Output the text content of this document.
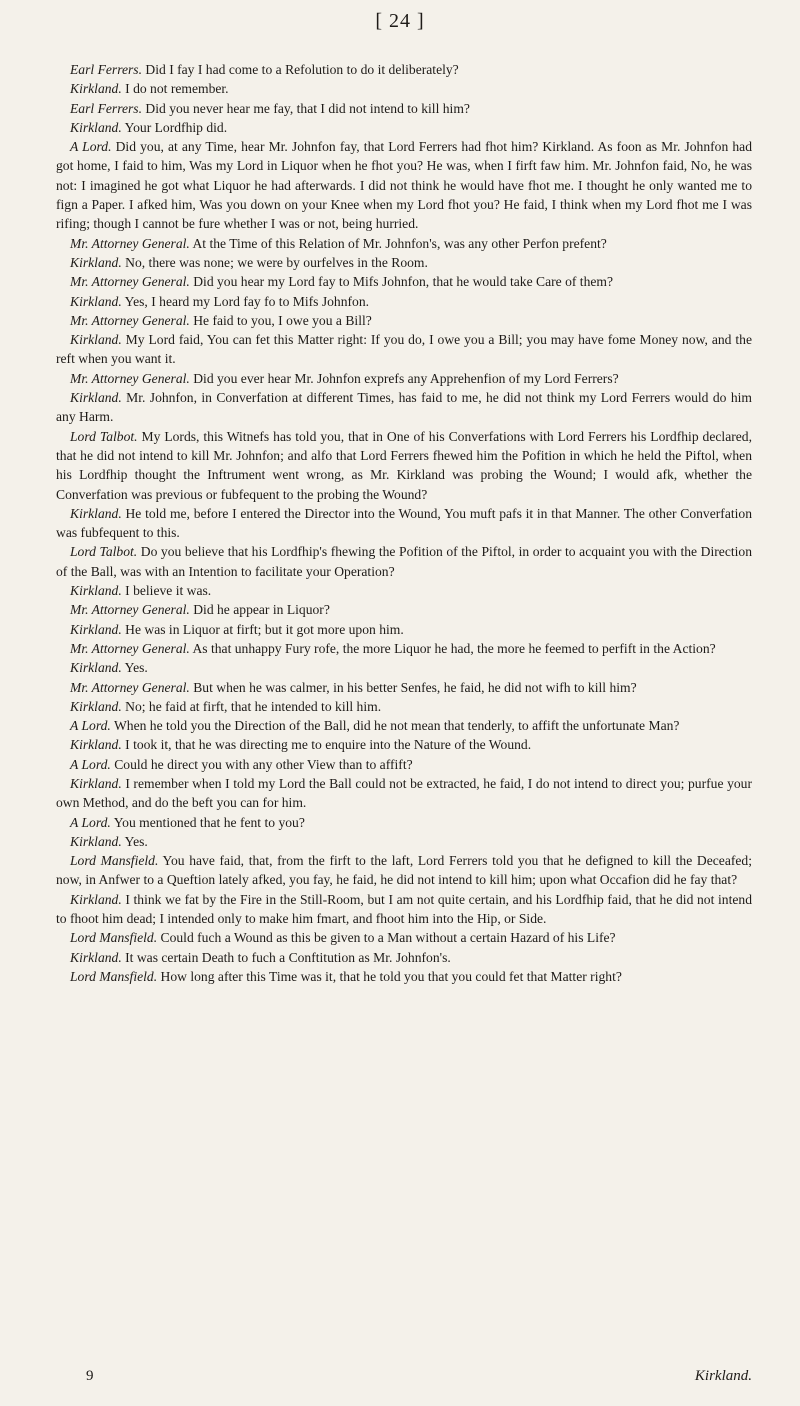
[ 24 ]

Earl Ferrers. Did I fay I had come to a Refolution to do it deliberately?

Kirkland. I do not remember.

Earl Ferrers. Did you never hear me fay, that I did not intend to kill him?

Kirkland. Your Lordfhip did.

A Lord. Did you, at any Time, hear Mr. Johnfon fay, that Lord Ferrers had fhot him? Kirkland. As foon as Mr. Johnfon had got home, I faid to him, Was my Lord in Liquor when he fhot you? He was, when I firft faw him. Mr. Johnfon faid, No, he was not: I imagined he got what Liquor he had afterwards. I did not think he would have fhot me. I thought he only wanted me to fign a Paper. I afked him, Was you down on your Knee when my Lord fhot you? He faid, I think when my Lord fhot me I was rifing; though I cannot be fure whether I was or not, being hurried.

Mr. Attorney General. At the Time of this Relation of Mr. Johnfon's, was any other Perfon prefent?

Kirkland. No, there was none; we were by ourfelves in the Room.

Mr. Attorney General. Did you hear my Lord fay to Mifs Johnfon, that he would take Care of them?

Kirkland. Yes, I heard my Lord fay fo to Mifs Johnfon.

Mr. Attorney General. He faid to you, I owe you a Bill?

Kirkland. My Lord faid, You can fet this Matter right: If you do, I owe you a Bill; you may have fome Money now, and the reft when you want it.

Mr. Attorney General. Did you ever hear Mr. Johnfon exprefs any Apprehenfion of my Lord Ferrers?

Kirkland. Mr. Johnfon, in Converfation at different Times, has faid to me, he did not think my Lord Ferrers would do him any Harm.

Lord Talbot. My Lords, this Witnefs has told you, that in One of his Converfations with Lord Ferrers his Lordfhip declared, that he did not intend to kill Mr. Johnfon; and alfo that Lord Ferrers fhewed him the Pofition in which he held the Piftol, when his Lordfhip thought the Inftrument went wrong, as Mr. Kirkland was probing the Wound; I would afk, whether the Converfation was previous or fubfequent to the probing the Wound?

Kirkland. He told me, before I entered the Director into the Wound, You muft pafs it in that Manner. The other Converfation was fubfequent to this.

Lord Talbot. Do you believe that his Lordfhip's fhewing the Pofition of the Piftol, in order to acquaint you with the Direction of the Ball, was with an Intention to facilitate your Operation?

Kirkland. I believe it was.

Mr. Attorney General. Did he appear in Liquor?

Kirkland. He was in Liquor at firft; but it got more upon him.

Mr. Attorney General. As that unhappy Fury rofe, the more Liquor he had, the more he feemed to perfift in the Action?

Kirkland. Yes.

Mr. Attorney General. But when he was calmer, in his better Senfes, he faid, he did not wifh to kill him?

Kirkland. No; he faid at firft, that he intended to kill him.

A Lord. When he told you the Direction of the Ball, did he not mean that tenderly, to affift the unfortunate Man?

Kirkland. I took it, that he was directing me to enquire into the Nature of the Wound.

A Lord. Could he direct you with any other View than to affift?

Kirkland. I remember when I told my Lord the Ball could not be extracted, he faid, I do not intend to direct you; purfue your own Method, and do the beft you can for him.

A Lord. You mentioned that he fent to you?

Kirkland. Yes.

Lord Mansfield. You have faid, that, from the firft to the laft, Lord Ferrers told you that he defigned to kill the Deceafed; now, in Anfwer to a Queftion lately afked, you fay, he faid, he did not intend to kill him; upon what Occafion did he fay that?

Kirkland. I think we fat by the Fire in the Still-Room, but I am not quite certain, and his Lordfhip faid, that he did not intend to fhoot him dead; I intended only to make him fmart, and fhoot him into the Hip, or Side.

Lord Mansfield. Could fuch a Wound as this be given to a Man without a certain Hazard of his Life?

Kirkland. It was certain Death to fuch a Conftitution as Mr. Johnfon's.

Lord Mansfield. How long after this Time was it, that he told you that you could fet that Matter right?

9	Kirkland.
